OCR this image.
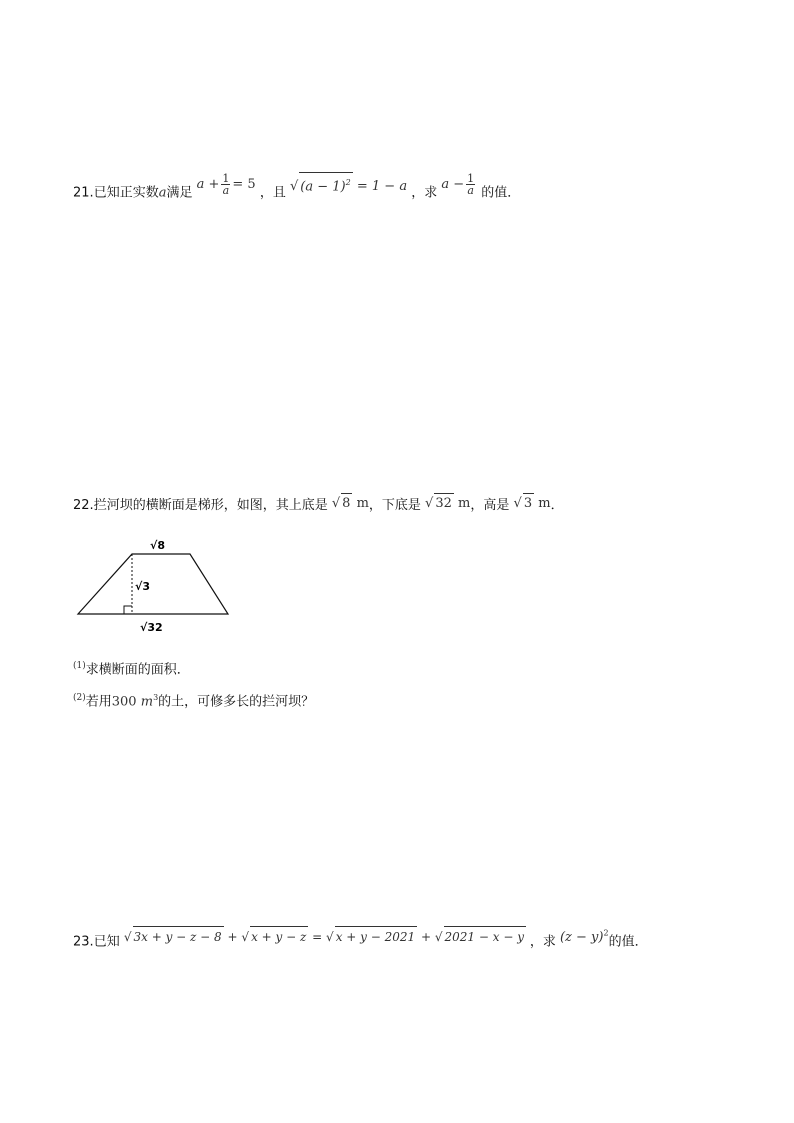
21.已知正实数a满足 $a + \frac{1}{a} = 5$ ，且 √ $(a - 1)^2 = 1 - a$ ，求 $a - \frac{1}{a}$ 的值．
22.拦河坝的横断面是梯形，如图，其上底是 √ 8 m，下底是 √ 32 m，高是 √ 3 m．
√8
√3
√32
$^{(1)}$求横断面的面积．
$^{(2)}$若用300 $m^3$的土，可修多长的拦河坝？
23.已知 √ 3x + y − z − 8 + √ x + y − z = √ x + y − 2021 + √ 2021 − x − y ，求 $(z - y)^2$的值．
